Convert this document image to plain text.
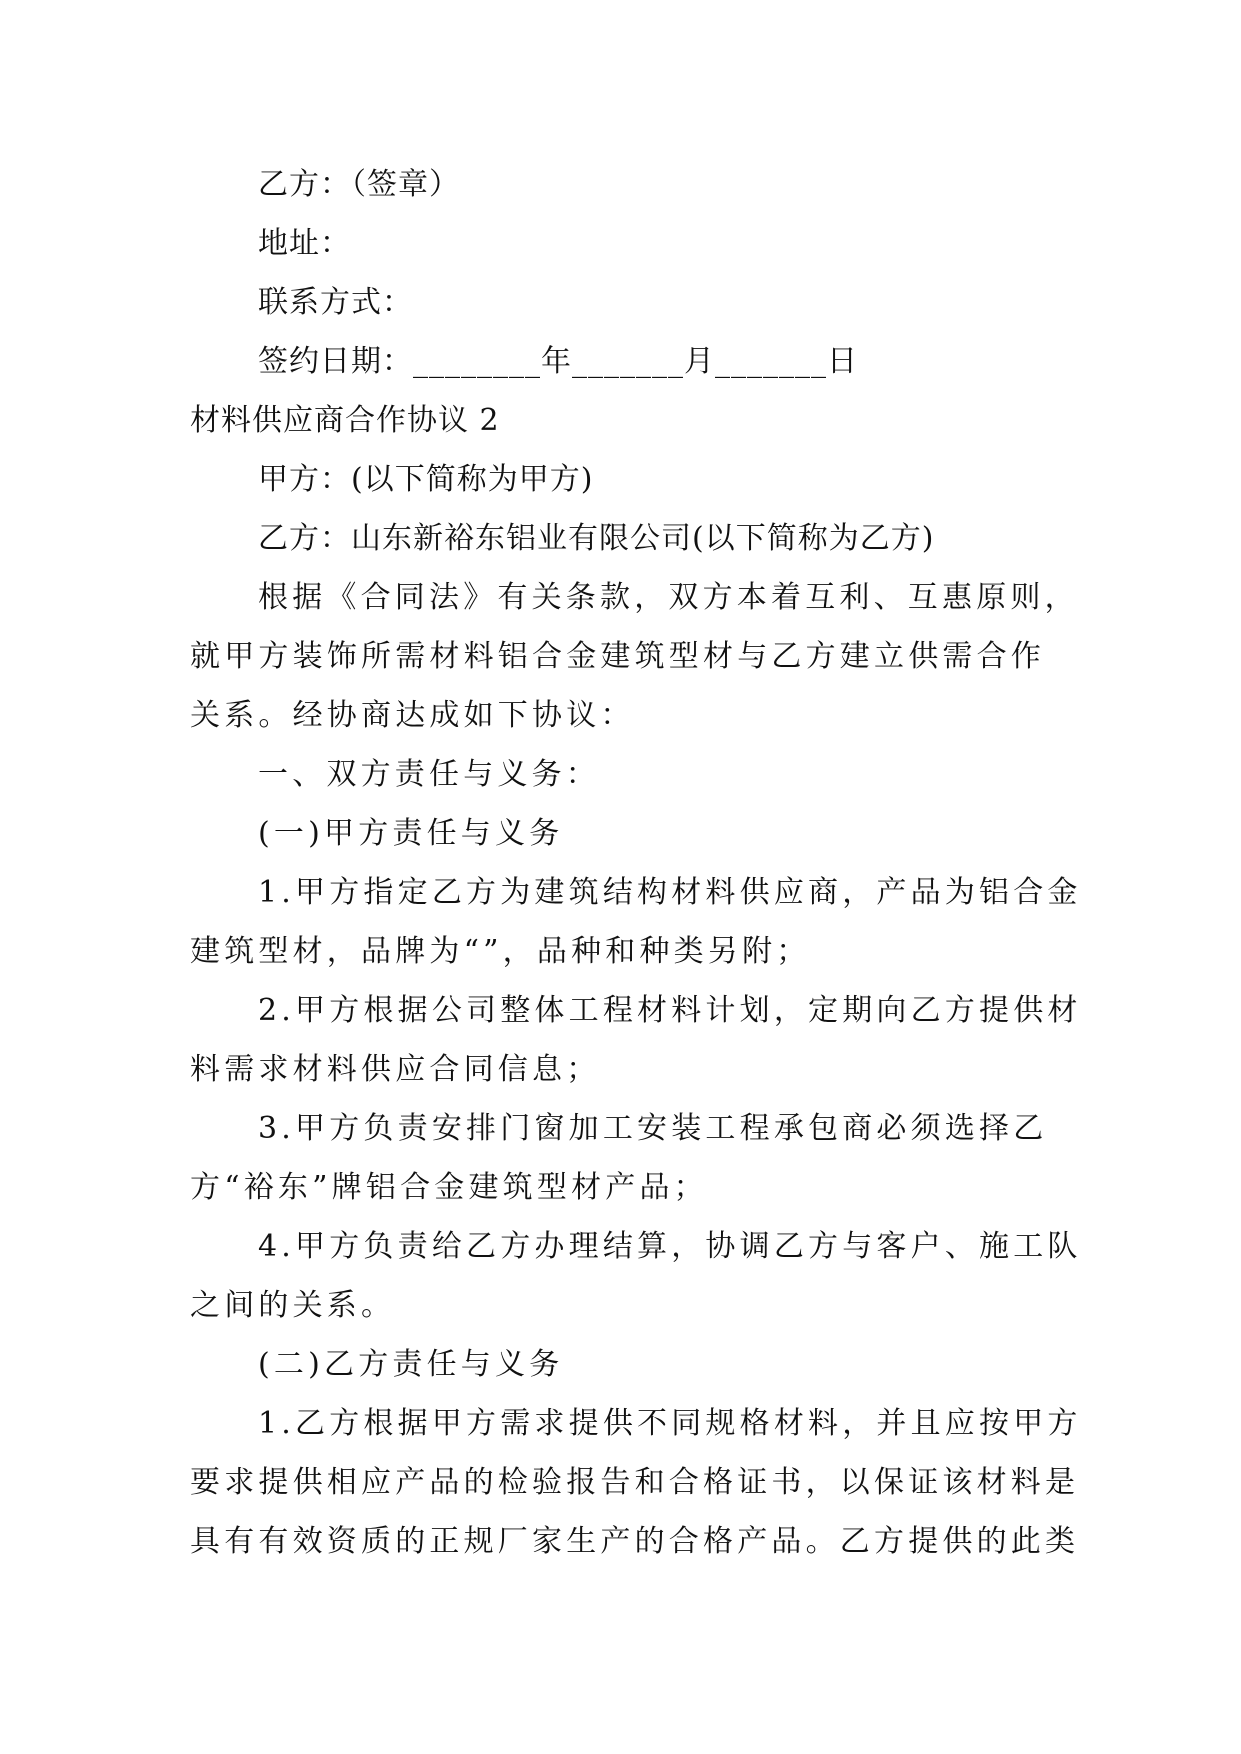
乙方：（签章）
地址：
联系方式：
签约日期：________年_______月_______日
材料供应商合作协议 2
甲方：(以下简称为甲方)
乙方：山东新裕东铝业有限公司(以下简称为乙方)
根据《合同法》有关条款，双方本着互利、互惠原则，
就甲方装饰所需材料铝合金建筑型材与乙方建立供需合作
关系。经协商达成如下协议：
一、双方责任与义务：
(一)甲方责任与义务
1.甲方指定乙方为建筑结构材料供应商，产品为铝合金
建筑型材，品牌为“”，品种和种类另附；
2.甲方根据公司整体工程材料计划，定期向乙方提供材
料需求材料供应合同信息；
3.甲方负责安排门窗加工安装工程承包商必须选择乙
方“裕东”牌铝合金建筑型材产品；
4.甲方负责给乙方办理结算，协调乙方与客户、施工队
之间的关系。
(二)乙方责任与义务
1.乙方根据甲方需求提供不同规格材料，并且应按甲方
要求提供相应产品的检验报告和合格证书，以保证该材料是
具有有效资质的正规厂家生产的合格产品。乙方提供的此类
